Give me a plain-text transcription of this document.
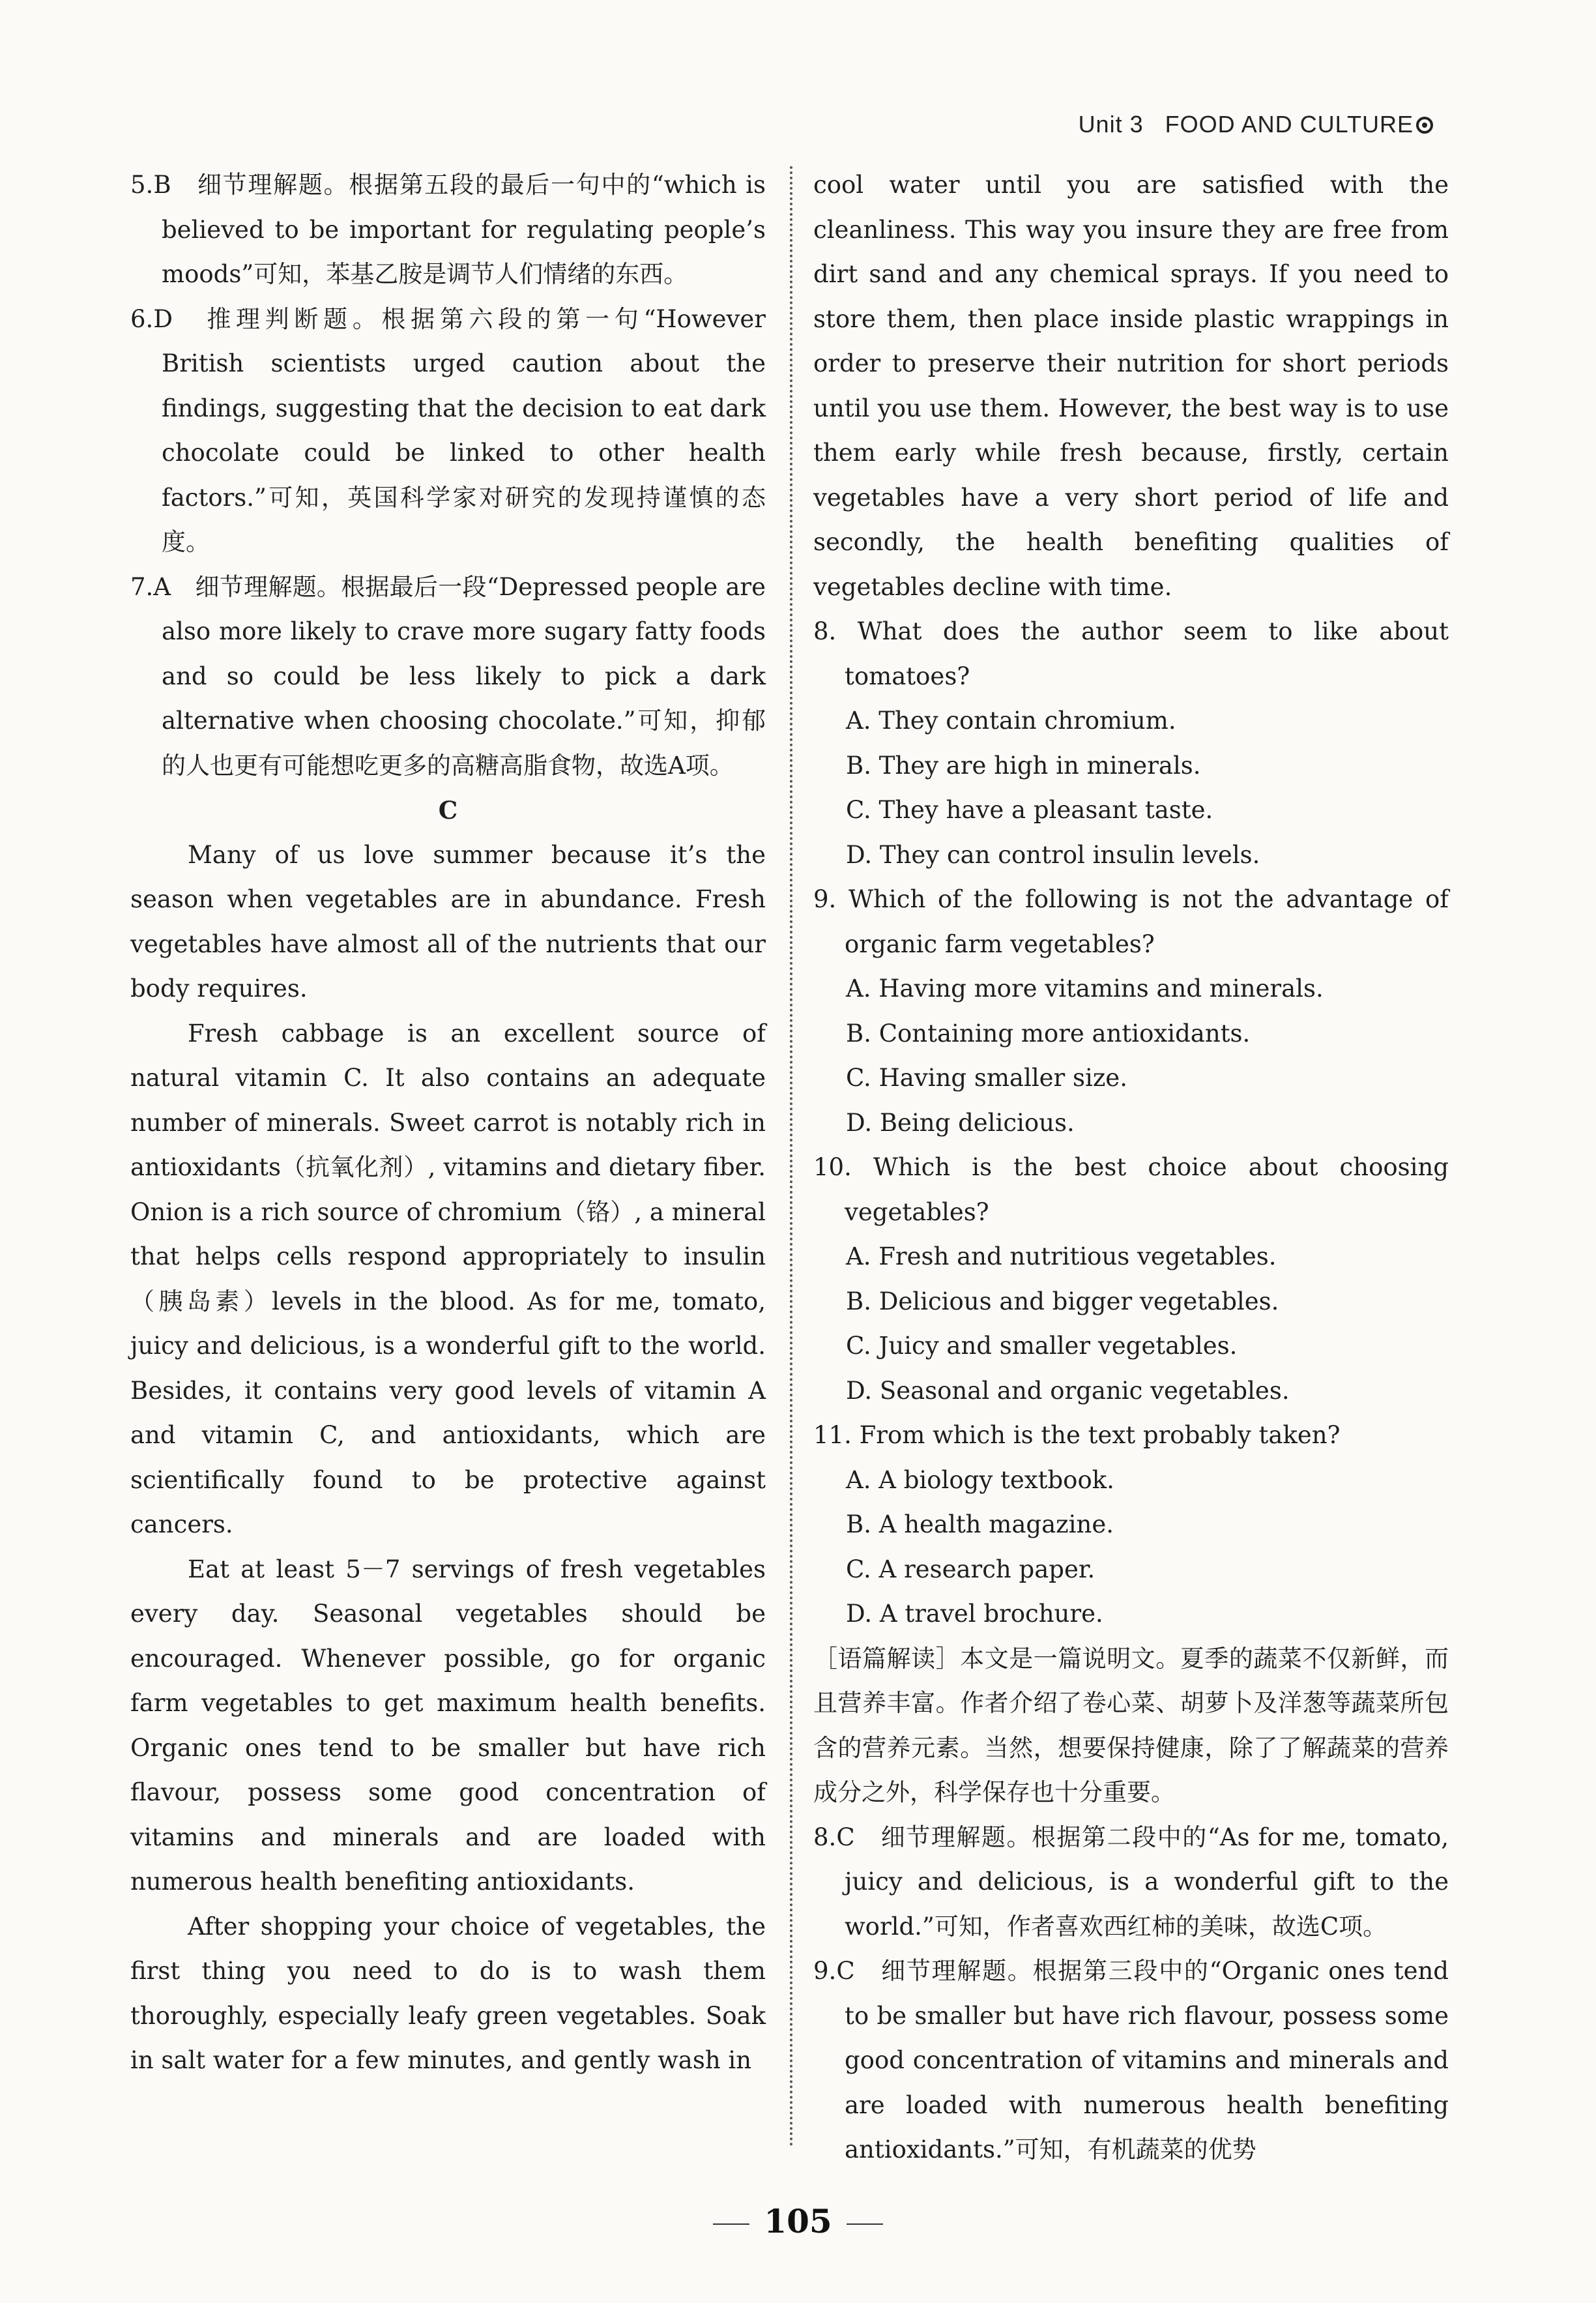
Unit 3 FOOD AND CULTURE

5.B　细节理解题。根据第五段的最后一句中的“which is believed to be important for regulating people’s moods”可知，苯基乙胺是调节人们情绪的东西。

6.D　推理判断题。根据第六段的第一句“However British scientists urged caution about the findings, suggesting that the decision to eat dark chocolate could be linked to other health factors.”可知，英国科学家对研究的发现持谨慎的态度。

7.A　细节理解题。根据最后一段“Depressed people are also more likely to crave more sugary fatty foods and so could be less likely to pick a dark alternative when choosing chocolate.”可知，抑郁的人也更有可能想吃更多的高糖高脂食物，故选A项。

C

Many of us love summer because it’s the season when vegetables are in abundance. Fresh vegetables have almost all of the nutrients that our body requires.

Fresh cabbage is an excellent source of natural vitamin C. It also contains an adequate number of minerals. Sweet carrot is notably rich in antioxidants（抗氧化剂）, vitamins and dietary fiber. Onion is a rich source of chromium（铬）, a mineral that helps cells respond appropriately to insulin（胰岛素）levels in the blood. As for me, tomato, juicy and delicious, is a wonderful gift to the world. Besides, it contains very good levels of vitamin A and vitamin C, and antioxidants, which are scientifically found to be protective against cancers.

Eat at least 5－7 servings of fresh vegetables every day. Seasonal vegetables should be encouraged. Whenever possible, go for organic farm vegetables to get maximum health benefits. Organic ones tend to be smaller but have rich flavour, possess some good concentration of vitamins and minerals and are loaded with numerous health benefiting antioxidants.

After shopping your choice of vegetables, the first thing you need to do is to wash them thoroughly, especially leafy green vegetables. Soak in salt water for a few minutes, and gently wash in

cool water until you are satisfied with the cleanliness. This way you insure they are free from dirt sand and any chemical sprays. If you need to store them, then place inside plastic wrappings in order to preserve their nutrition for short periods until you use them. However, the best way is to use them early while fresh because, firstly, certain vegetables have a very short period of life and secondly, the health benefiting qualities of vegetables decline with time.

8. What does the author seem to like about tomatoes?

A. They contain chromium.

B. They are high in minerals.

C. They have a pleasant taste.

D. They can control insulin levels.

9. Which of the following is not the advantage of organic farm vegetables?

A. Having more vitamins and minerals.

B. Containing more antioxidants.

C. Having smaller size.

D. Being delicious.

10. Which is the best choice about choosing vegetables?

A. Fresh and nutritious vegetables.

B. Delicious and bigger vegetables.

C. Juicy and smaller vegetables.

D. Seasonal and organic vegetables.

11. From which is the text probably taken?

A. A biology textbook.

B. A health magazine.

C. A research paper.

D. A travel brochure.

［语篇解读］本文是一篇说明文。夏季的蔬菜不仅新鲜，而且营养丰富。作者介绍了卷心菜、胡萝卜及洋葱等蔬菜所包含的营养元素。当然，想要保持健康，除了了解蔬菜的营养成分之外，科学保存也十分重要。

8.C　细节理解题。根据第二段中的“As for me, tomato, juicy and delicious, is a wonderful gift to the world.”可知，作者喜欢西红柿的美味，故选C项。

9.C　细节理解题。根据第三段中的“Organic ones tend to be smaller but have rich flavour, possess some good concentration of vitamins and minerals and are loaded with numerous health benefiting antioxidants.”可知，有机蔬菜的优势

105
